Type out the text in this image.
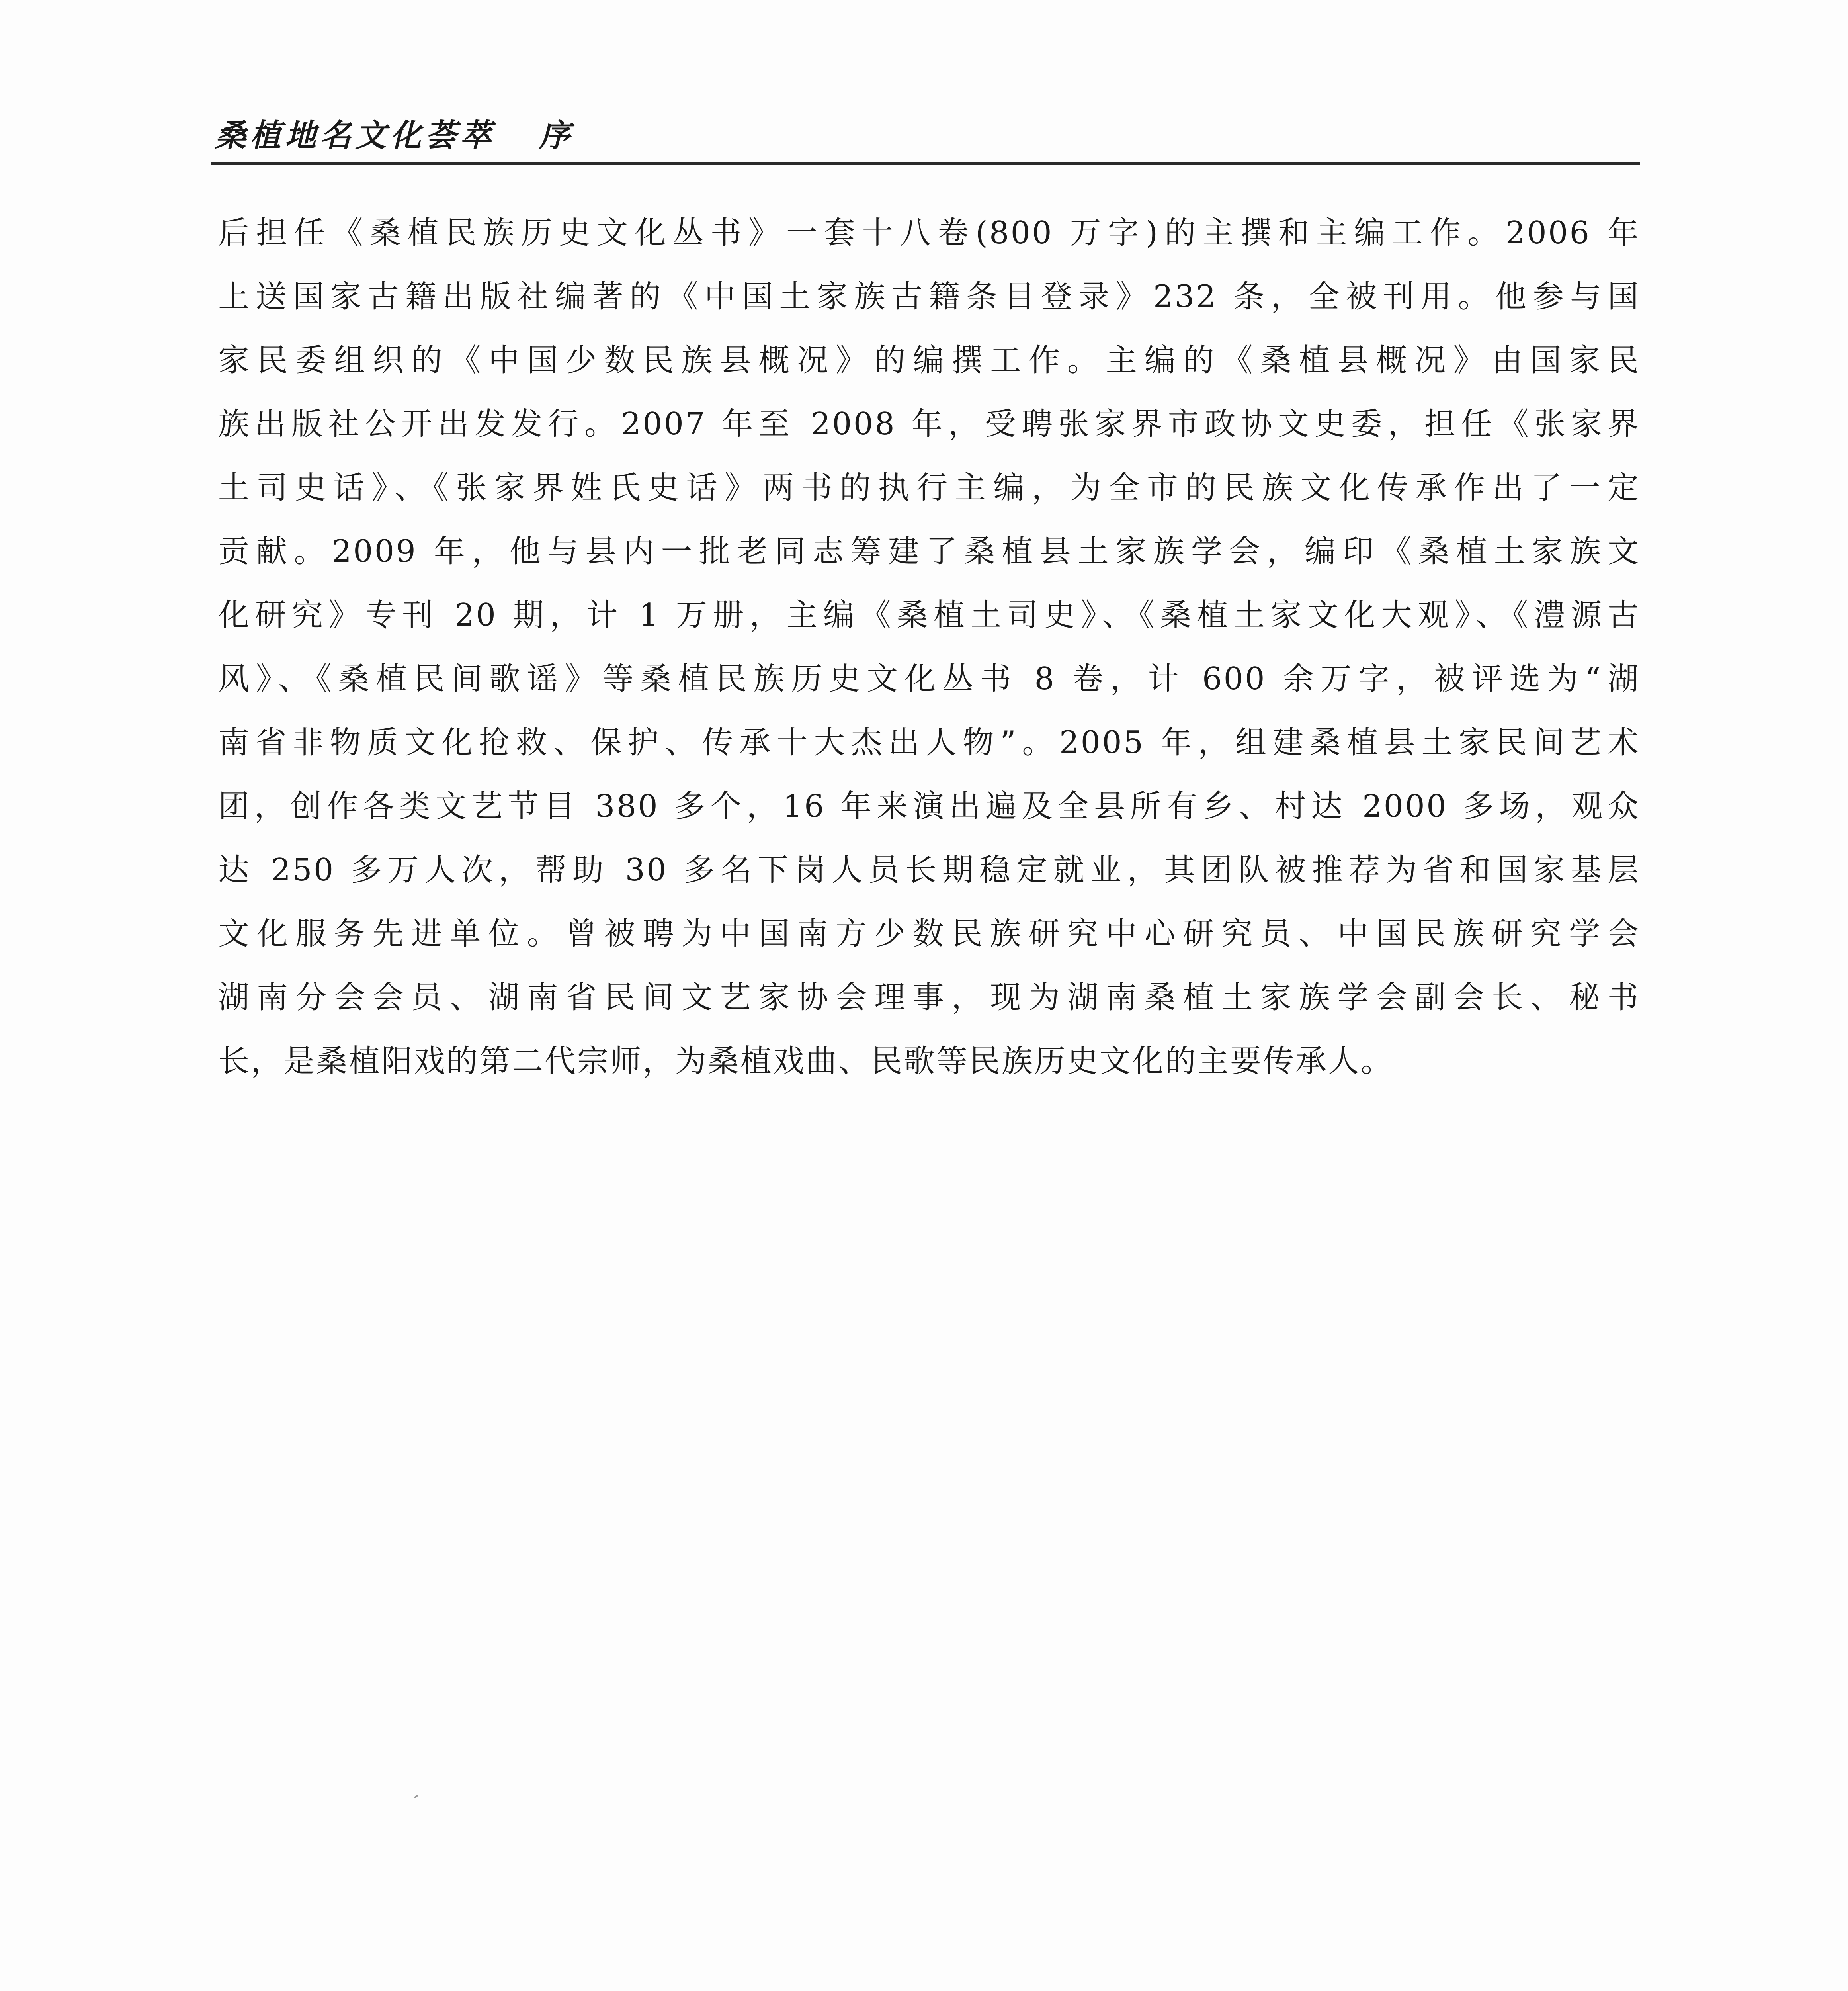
桑植地名文化荟萃 序
后担任《桑植民族历史文化丛书》一套十八卷(800 万字)的主撰和主编工作。2006 年
上送国家古籍出版社编著的《中国土家族古籍条目登录》232 条，全被刊用。他参与国
家民委组织的《中国少数民族县概况》的编撰工作。主编的《桑植县概况》由国家民
族出版社公开出发发行。2007 年至 2008 年，受聘张家界市政协文史委，担任《张家界
土司史话》、《张家界姓氏史话》两书的执行主编，为全市的民族文化传承作出了一定
贡献。2009 年，他与县内一批老同志筹建了桑植县土家族学会，编印《桑植土家族文
化研究》专刊 20 期，计 1 万册，主编《桑植土司史》、《桑植土家文化大观》、《澧源古
风》、《桑植民间歌谣》等桑植民族历史文化丛书 8 卷，计 600 余万字，被评选为“湖
南省非物质文化抢救、保护、传承十大杰出人物”。2005 年，组建桑植县土家民间艺术
团，创作各类文艺节目 380 多个，16 年来演出遍及全县所有乡、村达 2000 多场，观众
达 250 多万人次，帮助 30 多名下岗人员长期稳定就业，其团队被推荐为省和国家基层
文化服务先进单位。曾被聘为中国南方少数民族研究中心研究员、中国民族研究学会
湖南分会会员、湖南省民间文艺家协会理事，现为湖南桑植土家族学会副会长、秘书
长，是桑植阳戏的第二代宗师，为桑植戏曲、民歌等民族历史文化的主要传承人。
